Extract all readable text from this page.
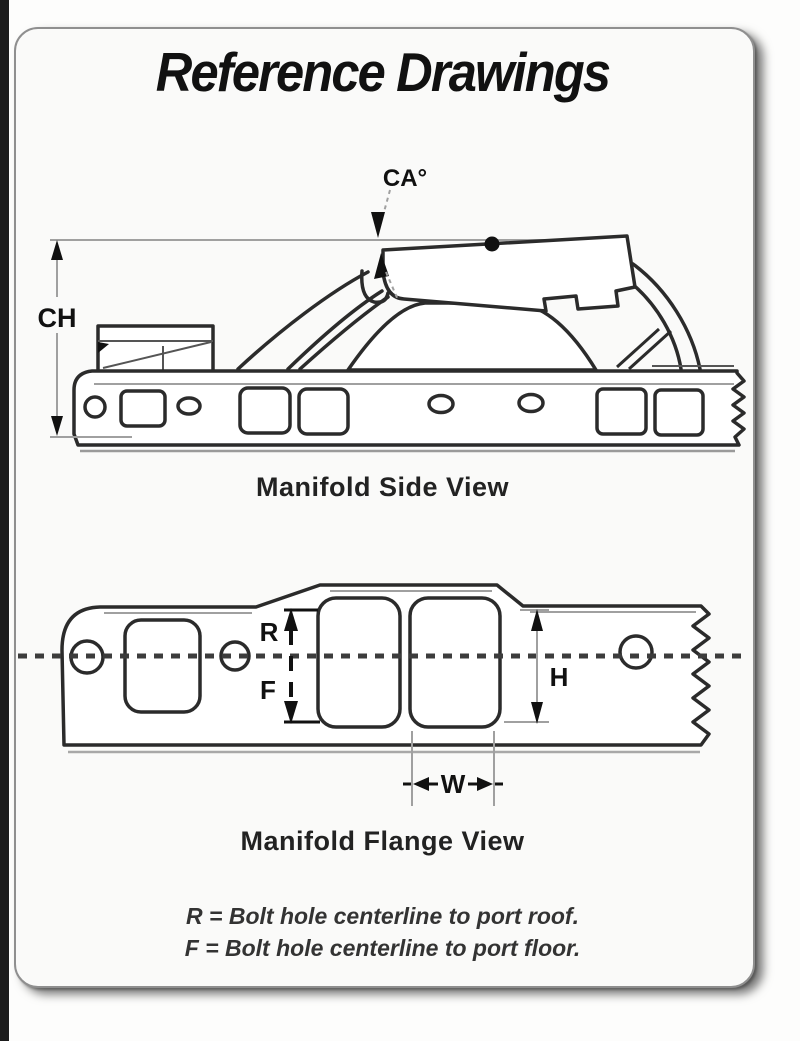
Reference Drawings
CA°
CH
Manifold Side View
R
F	H
W
Manifold Flange View
R = Bolt hole centerline to port roof.
F = Bolt hole centerline to port floor.
